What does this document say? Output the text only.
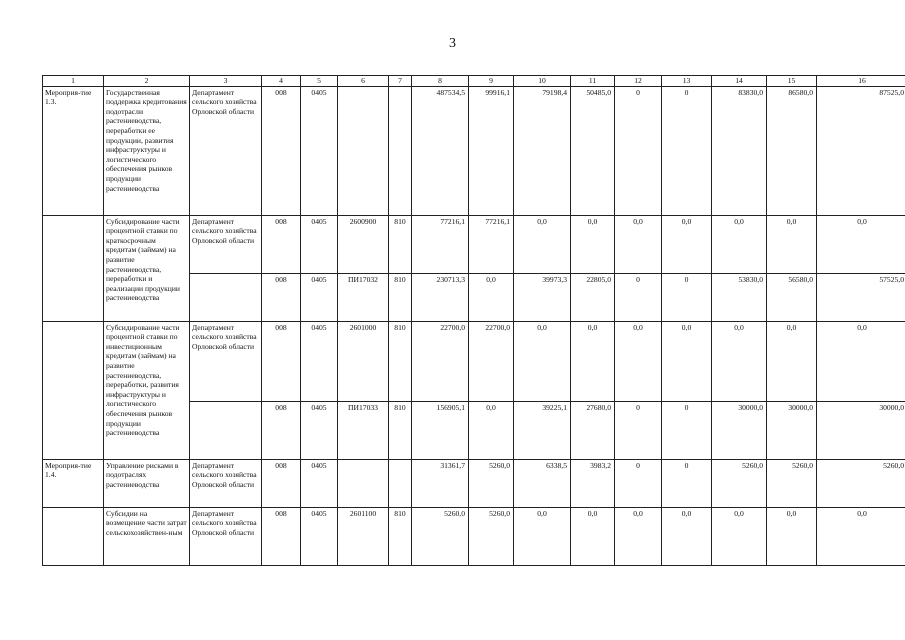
3
1	2	3	4	5	6	7	8	9	10	11	12	13	14	15	16
Мероприя-тие 1.3.	Государственная поддержка кредитования подотрасли растениеводства, переработки ее продукции, развития инфраструктуры и логистического обеспечения рынков продукции растениеводства	Департамент сельского хозяйства Орловской области	008	0405			487534,5	99916,1	79198,4	50485,0	0	0	83830,0	86580,0	87525,0
	Субсидирование части процентной ставки по краткосрочным кредитам (займам) на развитие растениеводства, переработки и реализации продукции растениеводства	Департамент сельского хозяйства Орловской области	008	0405	2600900	810	77216,1	77216,1	0,0	0,0	0,0	0,0	0,0	0,0	0,0
			008	0405	ПИ17032	810	230713,3	0,0	39973,3	22805,0	0	0	53830,0	56580,0	57525,0
	Субсидирование части процентной ставки по инвестиционным кредитам (займам) на развитие растениеводства, переработки, развития инфраструктуры и логистического обеспечения рынков продукции растениеводства	Департамент сельского хозяйства Орловской области	008	0405	2601000	810	22700,0	22700,0	0,0	0,0	0,0	0,0	0,0	0,0	0,0
			008	0405	ПИ17033	810	156905,1	0,0	39225,1	27680,0	0	0	30000,0	30000,0	30000,0
Мероприя-тие 1.4.	Управление рисками в подотраслях растениеводства	Департамент сельского хозяйства Орловской области	008	0405			31361,7	5260,0	6338,5	3983,2	0	0	5260,0	5260,0	5260,0
	Субсидии на возмещение части затрат сельскохозяйствен-ным	Департамент сельского хозяйства Орловской области	008	0405	2601100	810	5260,0	5260,0	0,0	0,0	0,0	0,0	0,0	0,0	0,0
